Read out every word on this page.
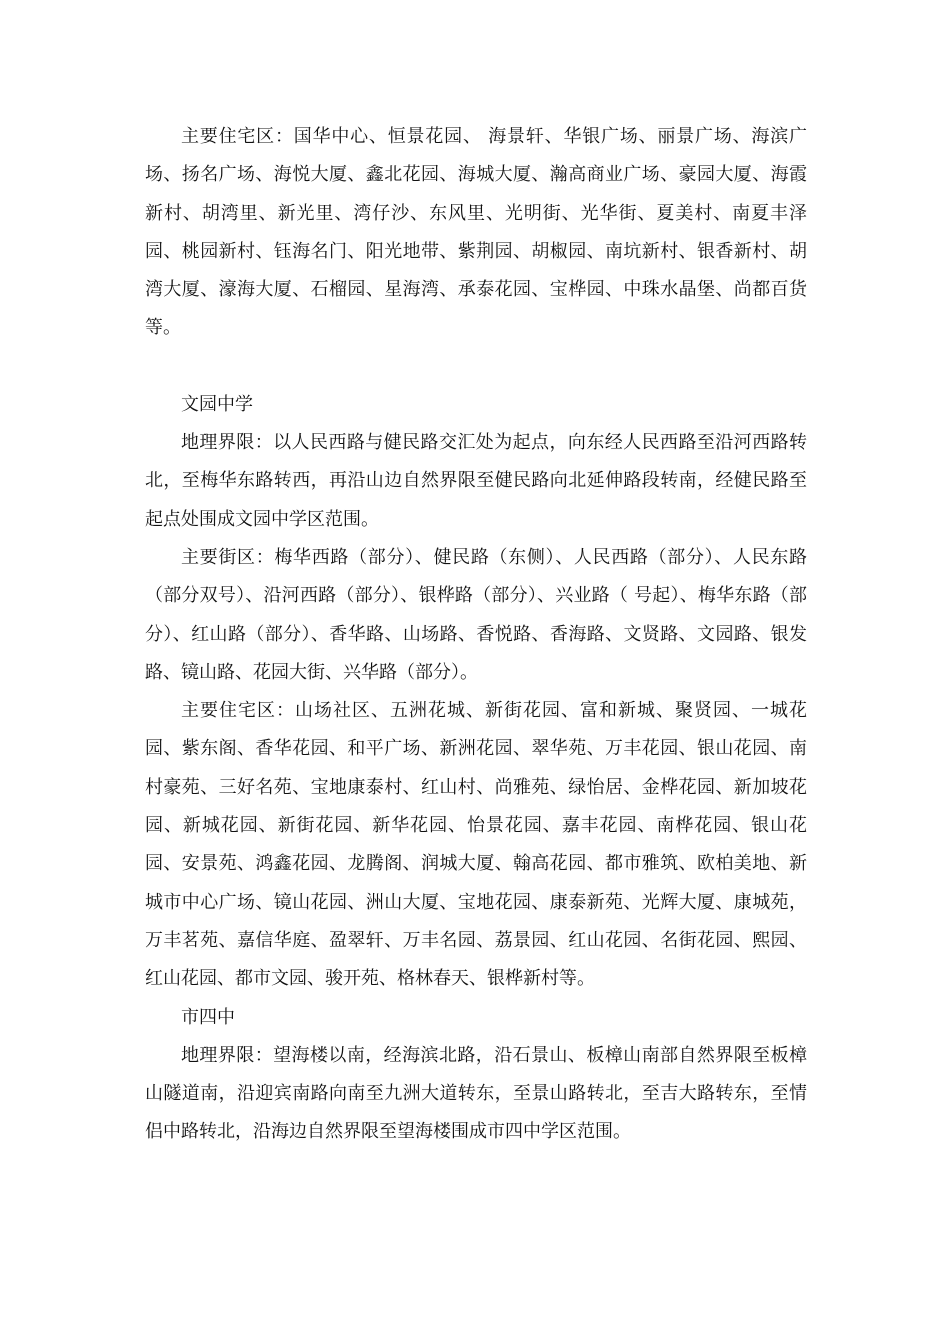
主要住宅区：国华中心、恒景花园、 海景轩、华银广场、丽景广场、海滨广场、扬名广场、海悦大厦、鑫北花园、海城大厦、瀚高商业广场、豪园大厦、海霞新村、胡湾里、新光里、湾仔沙、东风里、光明街、光华街、夏美村、南夏丰泽园、桃园新村、钰海名门、阳光地带、紫荆园、胡椒园、南坑新村、银香新村、胡湾大厦、濠海大厦、石榴园、星海湾、承泰花园、宝桦园、中珠水晶堡、尚都百货等。

文园中学

地理界限：以人民西路与健民路交汇处为起点，向东经人民西路至沿河西路转北，至梅华东路转西，再沿山边自然界限至健民路向北延伸路段转南，经健民路至起点处围成文园中学区范围。

主要街区：梅华西路（部分）、健民路（东侧）、人民西路（部分）、人民东路（部分双号）、沿河西路（部分）、银桦路（部分）、兴业路（ 号起）、梅华东路（部分）、红山路（部分）、香华路、山场路、香悦路、香海路、文贤路、文园路、银发路、镜山路、花园大街、兴华路（部分）。

主要住宅区：山场社区、五洲花城、新街花园、富和新城、聚贤园、一城花园、紫东阁、香华花园、和平广场、新洲花园、翠华苑、万丰花园、银山花园、南村豪苑、三好名苑、宝地康泰村、红山村、尚雅苑、绿怡居、金桦花园、新加坡花园、新城花园、新街花园、新华花园、怡景花园、嘉丰花园、南桦花园、银山花园、安景苑、鸿鑫花园、龙腾阁、润城大厦、翰高花园、都市雅筑、欧柏美地、新城市中心广场、镜山花园、洲山大厦、宝地花园、康泰新苑、光辉大厦、康城苑，万丰茗苑、嘉信华庭、盈翠轩、万丰名园、荔景园、红山花园、名街花园、熙园、红山花园、都市文园、骏开苑、格林春天、银桦新村等。

市四中

地理界限：望海楼以南，经海滨北路，沿石景山、板樟山南部自然界限至板樟山隧道南，沿迎宾南路向南至九洲大道转东，至景山路转北，至吉大路转东，至情侣中路转北，沿海边自然界限至望海楼围成市四中学区范围。
